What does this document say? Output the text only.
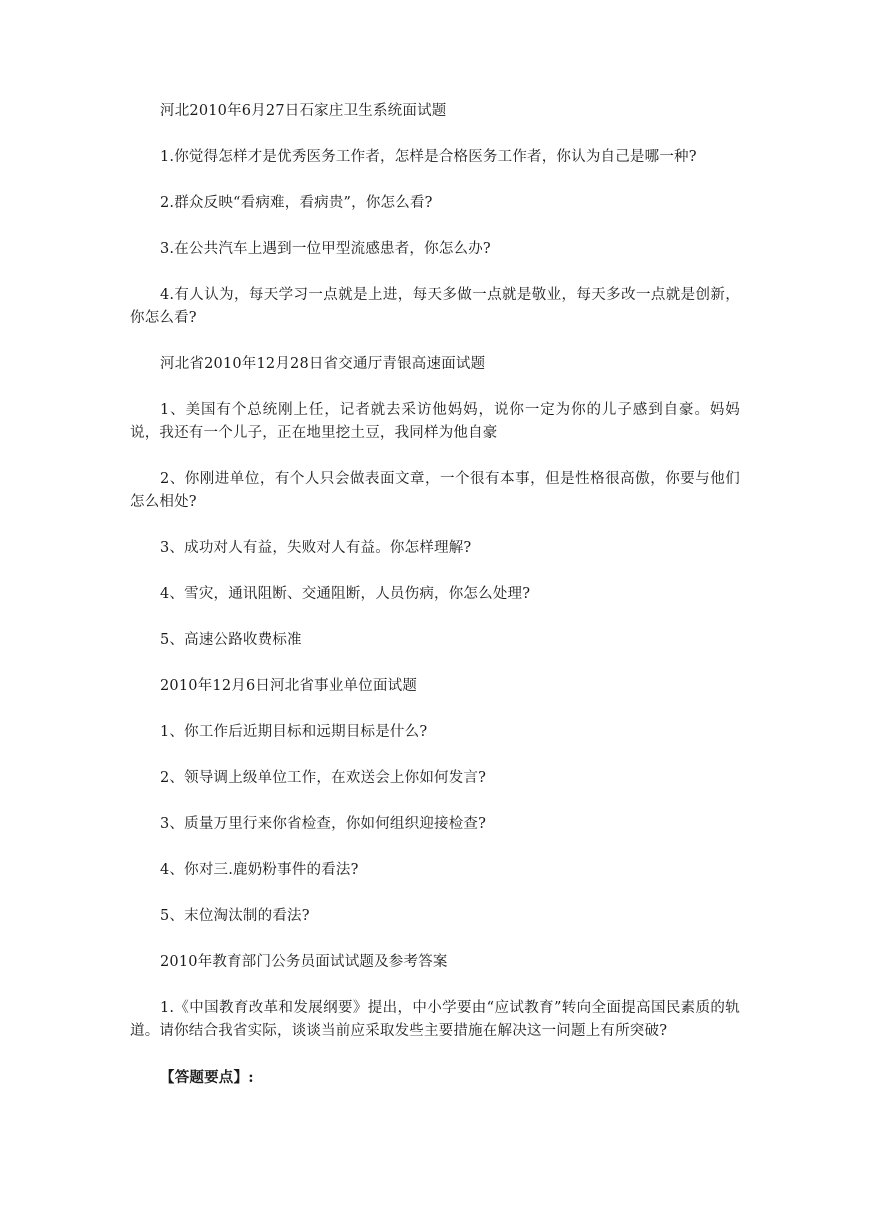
河北2010年6月27日石家庄卫生系统面试题

1.你觉得怎样才是优秀医务工作者，怎样是合格医务工作者，你认为自己是哪一种?

2.群众反映“看病难，看病贵”，你怎么看?

3.在公共汽车上遇到一位甲型流感患者，你怎么办?

4.有人认为，每天学习一点就是上进，每天多做一点就是敬业，每天多改一点就是创新，你怎么看?

河北省2010年12月28日省交通厅青银高速面试题

1、美国有个总统刚上任，记者就去采访他妈妈，说你一定为你的儿子感到自豪。妈妈说，我还有一个儿子，正在地里挖土豆，我同样为他自豪

2、你刚进单位，有个人只会做表面文章，一个很有本事，但是性格很高傲，你要与他们怎么相处?

3、成功对人有益，失败对人有益。你怎样理解?

4、雪灾，通讯阻断、交通阻断，人员伤病，你怎么处理?

5、高速公路收费标准

2010年12月6日河北省事业单位面试题

1、你工作后近期目标和远期目标是什么?

2、领导调上级单位工作，在欢送会上你如何发言?

3、质量万里行来你省检查，你如何组织迎接检查?

4、你对三.鹿奶粉事件的看法?

5、末位淘汰制的看法?

2010年教育部门公务员面试试题及参考答案

1.《中国教育改革和发展纲要》提出，中小学要由“应试教育”转向全面提高国民素质的轨道。请你结合我省实际，谈谈当前应采取发些主要措施在解决这一问题上有所突破?

【答题要点】:
